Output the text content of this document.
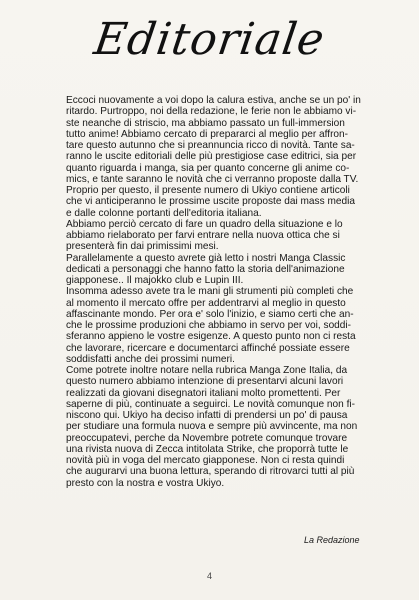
Editoriale
Eccoci nuovamente a voi dopo la calura estiva, anche se un po' in
ritardo. Purtroppo, noi della redazione, le ferie non le abbiamo vi-
ste neanche di striscio, ma abbiamo passato un full-immersion
tutto anime! Abbiamo cercato di prepararci al meglio per affron-
tare questo autunno che si preannuncia ricco di novità. Tante sa-
ranno le uscite editoriali delle più prestigiose case editrici, sia per
quanto riguarda i manga, sia per quanto concerne gli anime co-
mics, e tante saranno le novità che ci verranno proposte dalla TV.
Proprio per questo, il presente numero di Ukiyo contiene articoli
che vi anticiperanno le prossime uscite proposte dai mass media
e dalle colonne portanti dell'editoria italiana.
Abbiamo perciò cercato di fare un quadro della situazione e lo
abbiamo rielaborato per farvi entrare nella nuova ottica che si
presenterà fin dai primissimi mesi.
Parallelamente a questo avrete già letto i nostri Manga Classic
dedicati a personaggi che hanno fatto la storia dell'animazione
giapponese.. Il majokko club e Lupin III.
Insomma adesso avete tra le mani gli strumenti più completi che
al momento il mercato offre per addentrarvi al meglio in questo
affascinante mondo. Per ora e' solo l'inizio, e siamo certi che an-
che le prossime produzioni che abbiamo in servo per voi, soddi-
sferanno appieno le vostre esigenze. A questo punto non ci resta
che lavorare, ricercare e documentarci affinché possiate essere
soddisfatti anche dei prossimi numeri.
Come potrete inoltre notare nella rubrica Manga Zone Italia, da
questo numero abbiamo intenzione di presentarvi alcuni lavori
realizzati da giovani disegnatori italiani molto promettenti. Per
saperne di più, continuate a seguirci. Le novità comunque non fi-
niscono qui. Ukiyo ha deciso infatti di prendersi un po' di pausa
per studiare una formula nuova e sempre più avvincente, ma non
preoccupatevi, perche da Novembre potrete comunque trovare
una rivista nuova di Zecca intitolata Strike, che proporrà tutte le
novità più in voga del mercato giapponese. Non ci resta quindi
che augurarvi una buona lettura, sperando di ritrovarci tutti al più
presto con la nostra e vostra Ukiyo.
La Redazione
4
